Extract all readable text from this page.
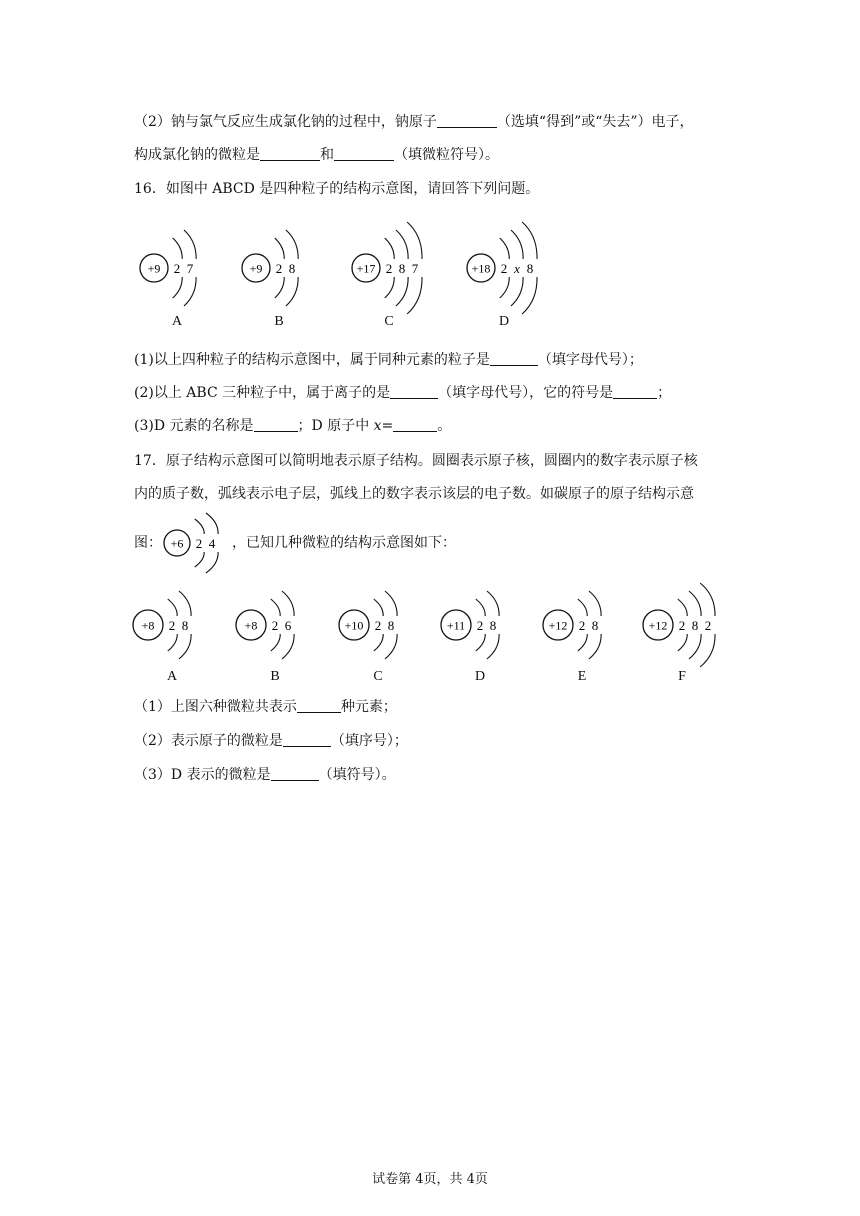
（2）钠与氯气反应生成氯化钠的过程中，钠原子	（选填“得到”或“失去”）电子，
构成氯化钠的微粒是	和	（填微粒符号）。
16．如图中 ABCD 是四种粒子的结构示意图，请回答下列问题。
+9 2 7
A
+9 2 8
B
+17 2 8 7
C
+18 2 x 8
D
(1)以上四种粒子的结构示意图中，属于同种元素的粒子是	（填字母代号）；
(2)以上 ABC 三种粒子中，属于离子的是	（填字母代号），它的符号是	；
(3)D 元素的名称是	；D 原子中 x=	。
17．原子结构示意图可以简明地表示原子结构。圆圈表示原子核，圆圈内的数字表示原子核
内的质子数，弧线表示电子层，弧线上的数字表示该层的电子数。如碳原子的原子结构示意
图： +6 2 4 ，已知几种微粒的结构示意图如下：
+8 2 8
A
+8 2 6
B
+10 2 8
C
+11 2 8
D
+12 2 8
E
+12 2 8 2
F
（1）上图六种微粒共表示	种元素；
（2）表示原子的微粒是	（填序号）；
（3）D 表示的微粒是	（填符号）。
试卷第 4页，共 4页
